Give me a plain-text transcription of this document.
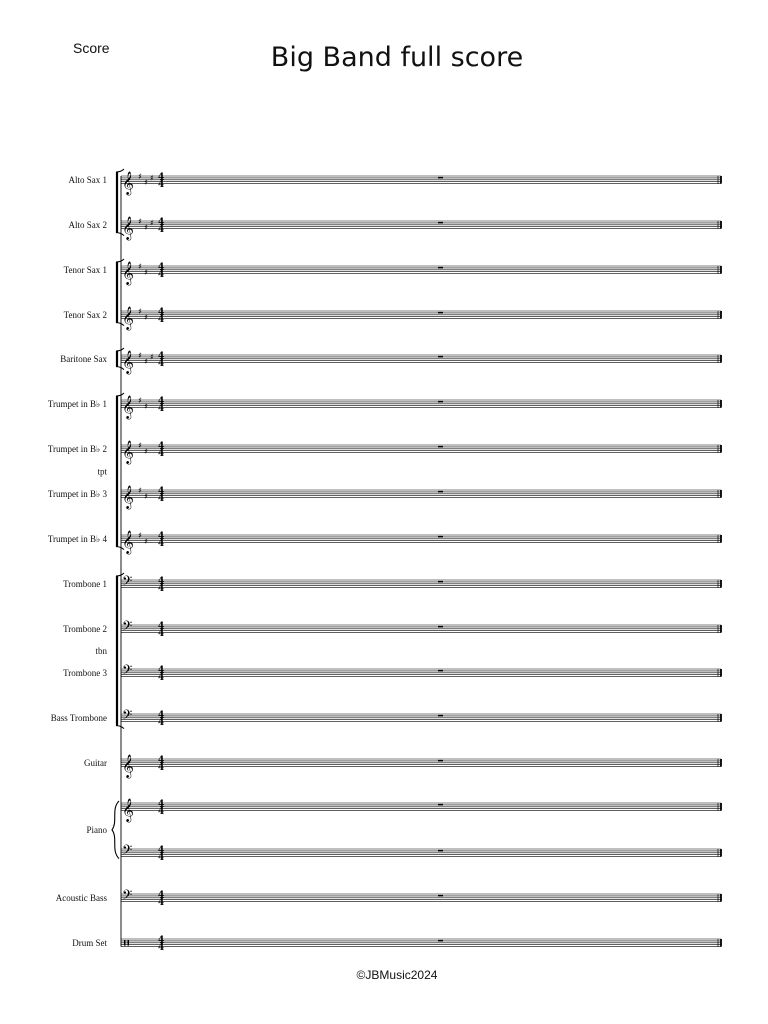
Score	Big Band full score
Alto Sax 1 𝄞 ♯
♯ ♯ 4
4
Alto Sax 2 𝄞 ♯
♯ ♯ 4
4
Tenor Sax 1 𝄞 ♯
♯ 4
4
Tenor Sax 2 𝄞 ♯
♯ 4
4
Baritone Sax 𝄞 ♯
♯ ♯ 4
4
Trumpet in B♭ 1 𝄞 ♯
♯ 4
4
Trumpet in B♭ 2 𝄞 ♯
♯ 4
4
Trumpet in B♭ 3 𝄞 ♯
♯ 4
4
Trumpet in B♭ 4 𝄞 ♯
♯ 4
4
Trombone 1 𝄢	4
4
Trombone 2 𝄢	4
4
Trombone 3 𝄢	4
4
Bass Trombone 𝄢	4
4
Guitar 𝄞	4
4
𝄞	4
4
𝄢	4
4
Acoustic Bass 𝄢	4
4
Drum Set	4
4
tpt
tbn
Piano
©JBMusic2024
